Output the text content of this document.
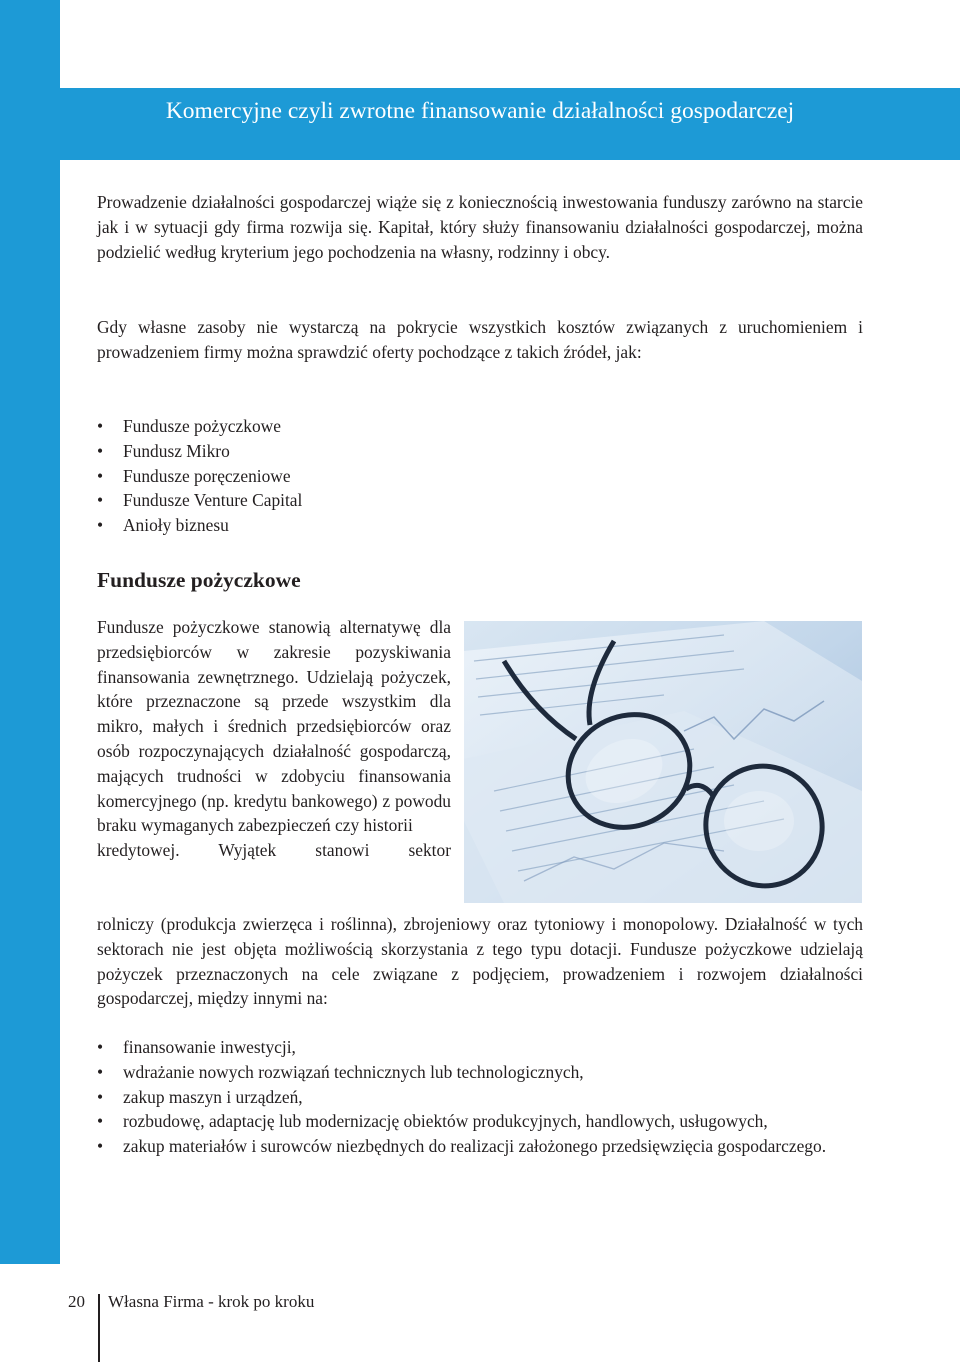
Komercyjne czyli zwrotne finansowanie działalności gospodarczej
Prowadzenie działalności gospodarczej wiąże się z koniecznością inwestowania funduszy zarówno na starcie jak i w sytuacji gdy firma rozwija się. Kapitał, który służy finansowaniu działalności gospodarczej, można podzielić według kryterium jego pochodzenia na własny, rodzinny i obcy.
Gdy własne zasoby nie wystarczą na pokrycie wszystkich kosztów związanych z uruchomieniem i prowadzeniem firmy można sprawdzić oferty pochodzące z takich źródeł, jak:
• Fundusze pożyczkowe
• Fundusz Mikro
• Fundusze poręczeniowe
• Fundusze Venture Capital
• Anioły biznesu
Fundusze pożyczkowe

Fundusze pożyczkowe stanowią alternatywę dla przedsiębiorców w zakresie pozyskiwania finansowania zewnętrznego. Udzielają pożyczek, które przeznaczone są przede wszystkim dla mikro, małych i średnich przedsiębiorców oraz osób rozpoczynających działalność gospodarczą, mających trudności w zdobyciu finansowania komercyjnego (np. kredytu bankowego) z powodu braku wymaganych zabezpieczeń czy historii

kredytowej. Wyjątek stanowi sektor

rolniczy (produkcja zwierzęca i roślinna), zbrojeniowy oraz tytoniowy i monopolowy. Działalność w tych sektorach nie jest objęta możliwością skorzystania z tego typu dotacji. Fundusze pożyczkowe udzielają pożyczek przeznaczonych na cele związane z podjęciem, prowadzeniem i rozwojem działalności gospodarczej, między innymi na:
• finansowanie inwestycji,
• wdrażanie nowych rozwiązań technicznych lub technologicznych,
• zakup maszyn i urządzeń,
• rozbudowę, adaptację lub modernizację obiektów produkcyjnych, handlowych, usługowych,
• zakup materiałów i surowców niezbędnych do realizacji założonego przedsięwzięcia gospodarczego.
20 Własna Firma - krok po kroku
